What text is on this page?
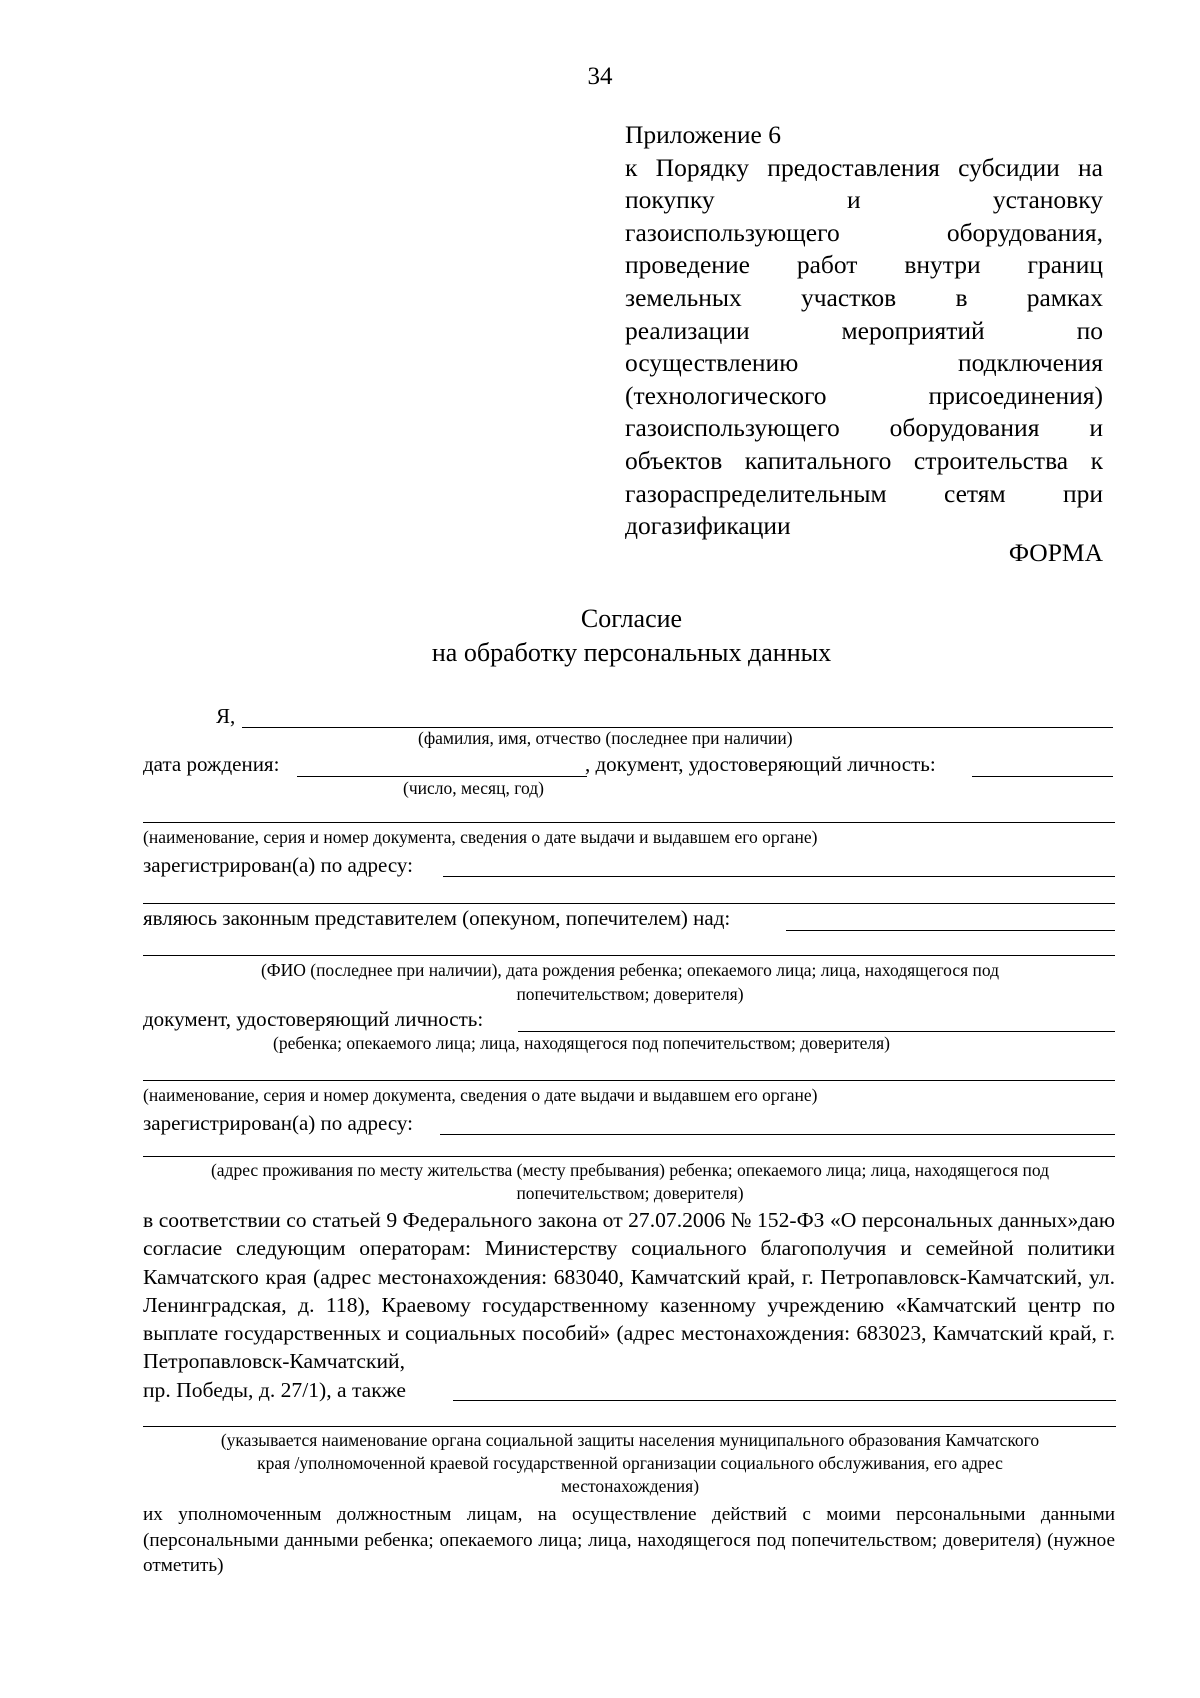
34
Приложение 6
к Порядку предоставления субсидии на
покупку и установку
газоиспользующего оборудования,
проведение работ внутри границ
земельных участков в рамках
реализации мероприятий по
осуществлению подключения
(технологического присоединения)
газоиспользующего оборудования и
объектов капитального строительства к
газораспределительным сетям при
догазификации
ФОРМА
Согласие
на обработку персональных данных
Я,
(фамилия, имя, отчество (последнее при наличии)
дата рождения:	, документ, удостоверяющий личность:
(число, месяц, год)
(наименование, серия и номер документа, сведения о дате выдачи и выдавшем его органе)
зарегистрирован(а) по адресу:
являюсь законным представителем (опекуном, попечителем) над:
(ФИО (последнее при наличии), дата рождения ребенка; опекаемого лица; лица, находящегося под
попечительством; доверителя)
документ, удостоверяющий личность:
(ребенка; опекаемого лица; лица, находящегося под попечительством; доверителя)
(наименование, серия и номер документа, сведения о дате выдачи и выдавшем его органе)
зарегистрирован(а) по адресу:
(адрес проживания по месту жительства (месту пребывания) ребенка; опекаемого лица; лица, находящегося под
попечительством; доверителя)
в соответствии со статьей 9 Федерального закона от 27.07.2006 № 152-ФЗ «О персональных данных»даю согласие следующим операторам: Министерству социального благополучия и семейной политики Камчатского края (адрес местонахождения: 683040, Камчатский край, г. Петропавловск-Камчатский, ул. Ленинградская, д. 118), Краевому государственному казенному учреждению «Камчатский центр по выплате государственных и социальных пособий» (адрес местонахождения: 683023, Камчатский край, г. Петропавловск-Камчатский,
пр. Победы, д. 27/1), а также
(указывается наименование органа социальной защиты населения муниципального образования Камчатского
края /уполномоченной краевой государственной организации социального обслуживания, его адрес
местонахождения)
их уполномоченным должностным лицам, на осуществление действий с моими персональными данными (персональными данными ребенка; опекаемого лица; лица, находящегося под попечительством; доверителя) (нужное отметить)
